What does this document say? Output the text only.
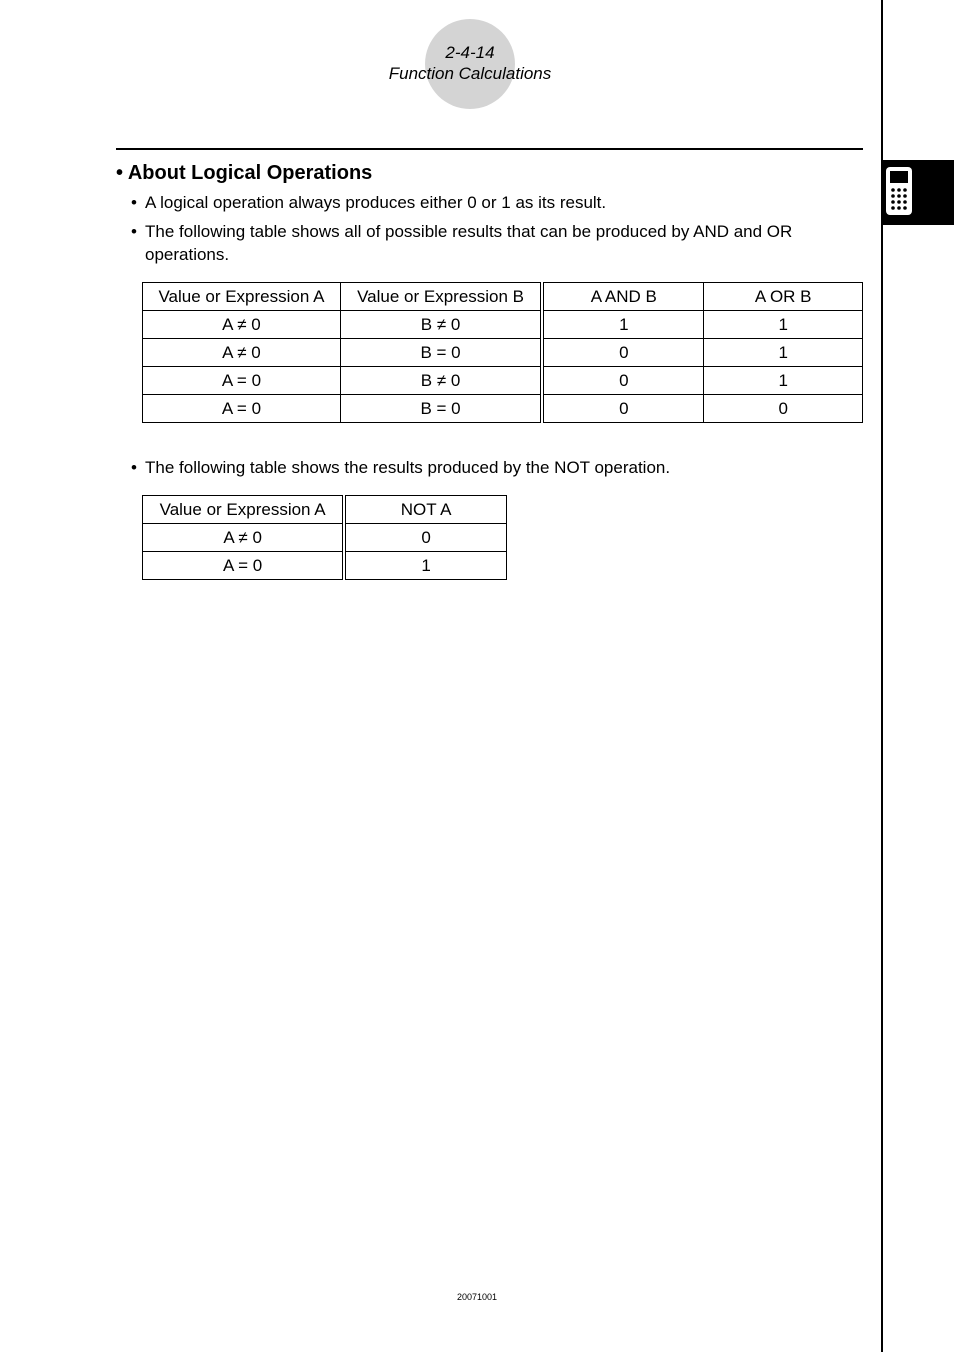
2-4-14
Function Calculations
• About Logical Operations
• A logical operation always produces either 0 or 1 as its result.
• The following table shows all of possible results that can be produced by AND and OR operations.
Value or Expression A	Value or Expression B	A AND B	A OR B
A ≠ 0	B ≠ 0	1	1
A ≠ 0	B = 0	0	1
A = 0	B ≠ 0	0	1
A = 0	B = 0	0	0
• The following table shows the results produced by the NOT operation.
Value or Expression A	NOT A
A ≠ 0	0
A = 0	1
20071001
